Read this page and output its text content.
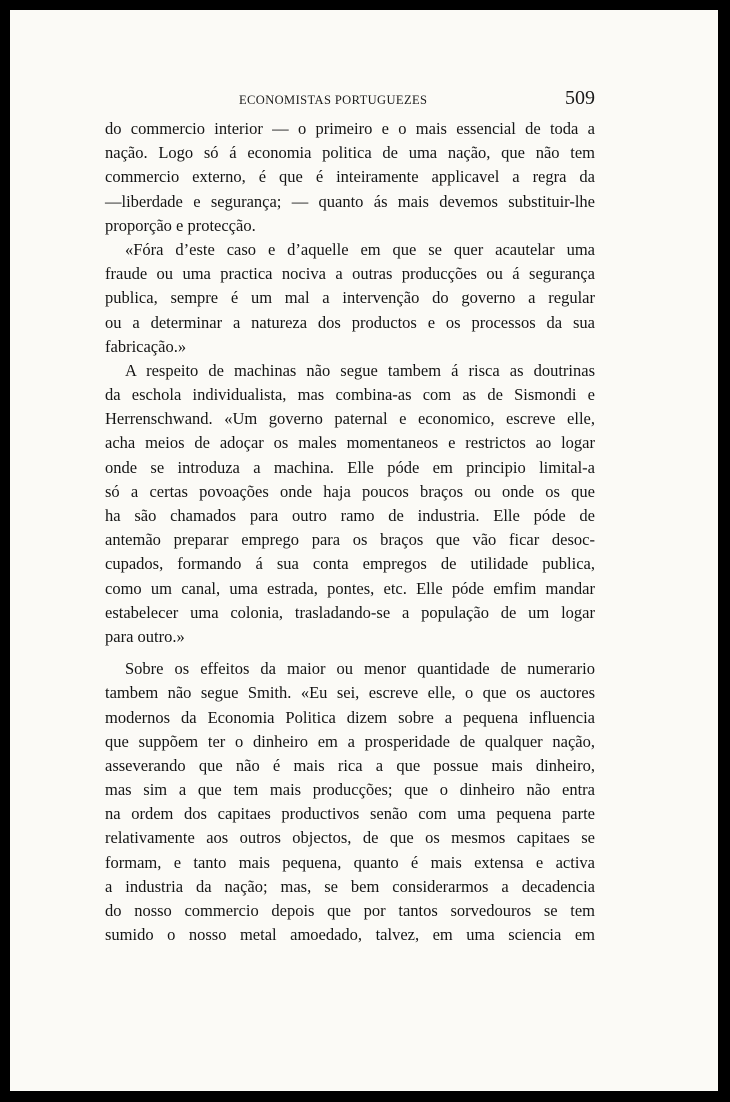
ECONOMISTAS PORTUGUEZES	509
do commercio interior — o primeiro e o mais essencial de toda a
nação. Logo só á economia politica de uma nação, que não tem
commercio externo, é que é inteiramente applicavel a regra da
—liberdade e segurança; — quanto ás mais devemos substituir-lhe
proporção e protecção.
«Fóra d’este caso e d’aquelle em que se quer acautelar uma
fraude ou uma practica nociva a outras producções ou á segurança
publica, sempre é um mal a intervenção do governo a regular
ou a determinar a natureza dos productos e os processos da sua
fabricação.»
A respeito de machinas não segue tambem á risca as doutrinas
da eschola individualista, mas combina-as com as de Sismondi e
Herrenschwand. «Um governo paternal e economico, escreve elle,
acha meios de adoçar os males momentaneos e restrictos ao logar
onde se introduza a machina. Elle póde em principio limital-a
só a certas povoações onde haja poucos braços ou onde os que
ha são chamados para outro ramo de industria. Elle póde de
antemão preparar emprego para os braços que vão ficar desoc-
cupados, formando á sua conta empregos de utilidade publica,
como um canal, uma estrada, pontes, etc. Elle póde emfim mandar
estabelecer uma colonia, trasladando-se a população de um logar
para outro.»
Sobre os effeitos da maior ou menor quantidade de numerario
tambem não segue Smith. «Eu sei, escreve elle, o que os auctores
modernos da Economia Politica dizem sobre a pequena influencia
que suppõem ter o dinheiro em a prosperidade de qualquer nação,
asseverando que não é mais rica a que possue mais dinheiro,
mas sim a que tem mais producções; que o dinheiro não entra
na ordem dos capitaes productivos senão com uma pequena parte
relativamente aos outros objectos, de que os mesmos capitaes se
formam, e tanto mais pequena, quanto é mais extensa e activa
a industria da nação; mas, se bem considerarmos a decadencia
do nosso commercio depois que por tantos sorvedouros se tem
sumido o nosso metal amoedado, talvez, em uma sciencia em
